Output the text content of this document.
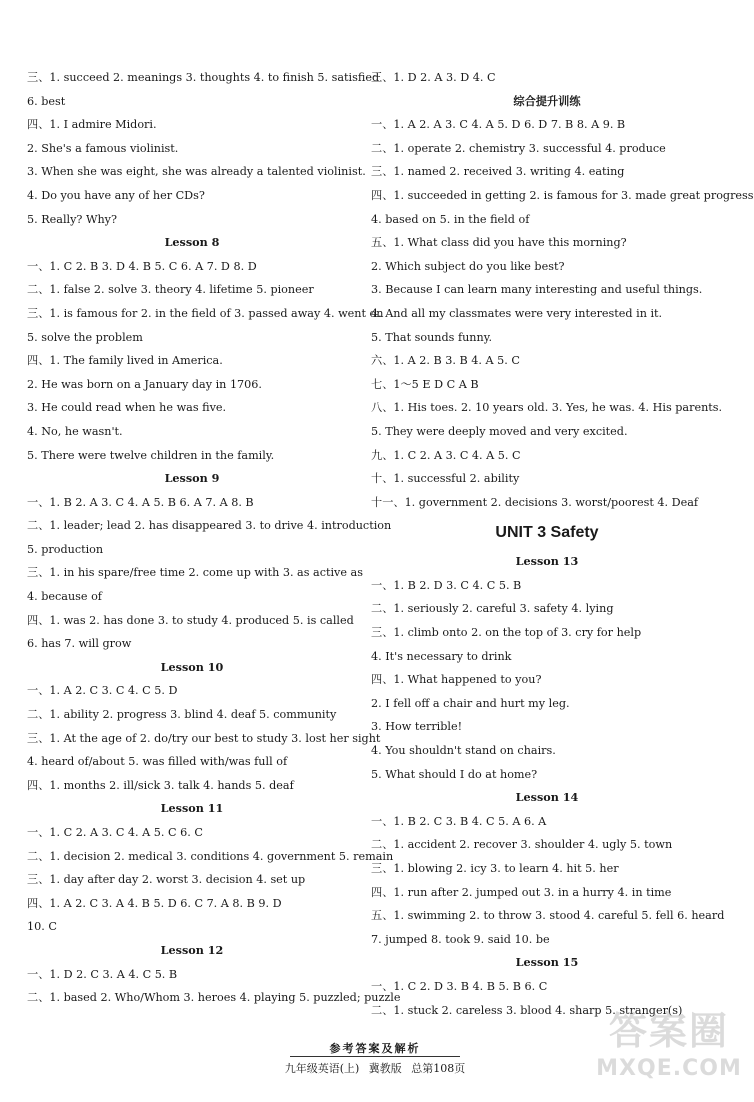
三、1. succeed 2. meanings 3. thoughts 4. to finish 5. satisfied
6. best
四、1. I admire Midori.
2. She's a famous violinist.
3. When she was eight, she was already a talented violinist.
4. Do you have any of her CDs?
5. Really? Why?
Lesson 8
一、1. C 2. B 3. D 4. B 5. C 6. A 7. D 8. D
二、1. false 2. solve 3. theory 4. lifetime 5. pioneer
三、1. is famous for 2. in the field of 3. passed away 4. went on
5. solve the problem
四、1. The family lived in America.
2. He was born on a January day in 1706.
3. He could read when he was five.
4. No, he wasn't.
5. There were twelve children in the family.
Lesson 9
一、1. B 2. A 3. C 4. A 5. B 6. A 7. A 8. B
二、1. leader; lead 2. has disappeared 3. to drive 4. introduction
5. production
三、1. in his spare/free time 2. come up with 3. as active as
4. because of
四、1. was 2. has done 3. to study 4. produced 5. is called
6. has 7. will grow
Lesson 10
一、1. A 2. C 3. C 4. C 5. D
二、1. ability 2. progress 3. blind 4. deaf 5. community
三、1. At the age of 2. do/try our best to study 3. lost her sight
4. heard of/about 5. was filled with/was full of
四、1. months 2. ill/sick 3. talk 4. hands 5. deaf
Lesson 11
一、1. C 2. A 3. C 4. A 5. C 6. C
二、1. decision 2. medical 3. conditions 4. government 5. remain
三、1. day after day 2. worst 3. decision 4. set up
四、1. A 2. C 3. A 4. B 5. D 6. C 7. A 8. B 9. D
10. C
Lesson 12
一、1. D 2. C 3. A 4. C 5. B
二、1. based 2. Who/Whom 3. heroes 4. playing 5. puzzled; puzzle
三、1. D 2. A 3. D 4. C
综合提升训练
一、1. A 2. A 3. C 4. A 5. D 6. D 7. B 8. A 9. B
二、1. operate 2. chemistry 3. successful 4. produce
三、1. named 2. received 3. writing 4. eating
四、1. succeeded in getting 2. is famous for 3. made great progress
4. based on 5. in the field of
五、1. What class did you have this morning?
2. Which subject do you like best?
3. Because I can learn many interesting and useful things.
4. And all my classmates were very interested in it.
5. That sounds funny.
六、1. A 2. B 3. B 4. A 5. C
七、1～5 E D C A B
八、1. His toes. 2. 10 years old. 3. Yes, he was. 4. His parents.
5. They were deeply moved and very excited.
九、1. C 2. A 3. C 4. A 5. C
十、1. successful 2. ability
十一、1. government 2. decisions 3. worst/poorest 4. Deaf
UNIT 3 Safety
Lesson 13
一、1. B 2. D 3. C 4. C 5. B
二、1. seriously 2. careful 3. safety 4. lying
三、1. climb onto 2. on the top of 3. cry for help
4. It's necessary to drink
四、1. What happened to you?
2. I fell off a chair and hurt my leg.
3. How terrible!
4. You shouldn't stand on chairs.
5. What should I do at home?
Lesson 14
一、1. B 2. C 3. B 4. C 5. A 6. A
二、1. accident 2. recover 3. shoulder 4. ugly 5. town
三、1. blowing 2. icy 3. to learn 4. hit 5. her
四、1. run after 2. jumped out 3. in a hurry 4. in time
五、1. swimming 2. to throw 3. stood 4. careful 5. fell 6. heard
7. jumped 8. took 9. said 10. be
Lesson 15
一、1. C 2. D 3. B 4. B 5. B 6. C
二、1. stuck 2. careless 3. blood 4. sharp 5. stranger(s)
参考答案及解析
九年级英语(上) 冀教版 总第108页
答案圈
MXQE.COM
